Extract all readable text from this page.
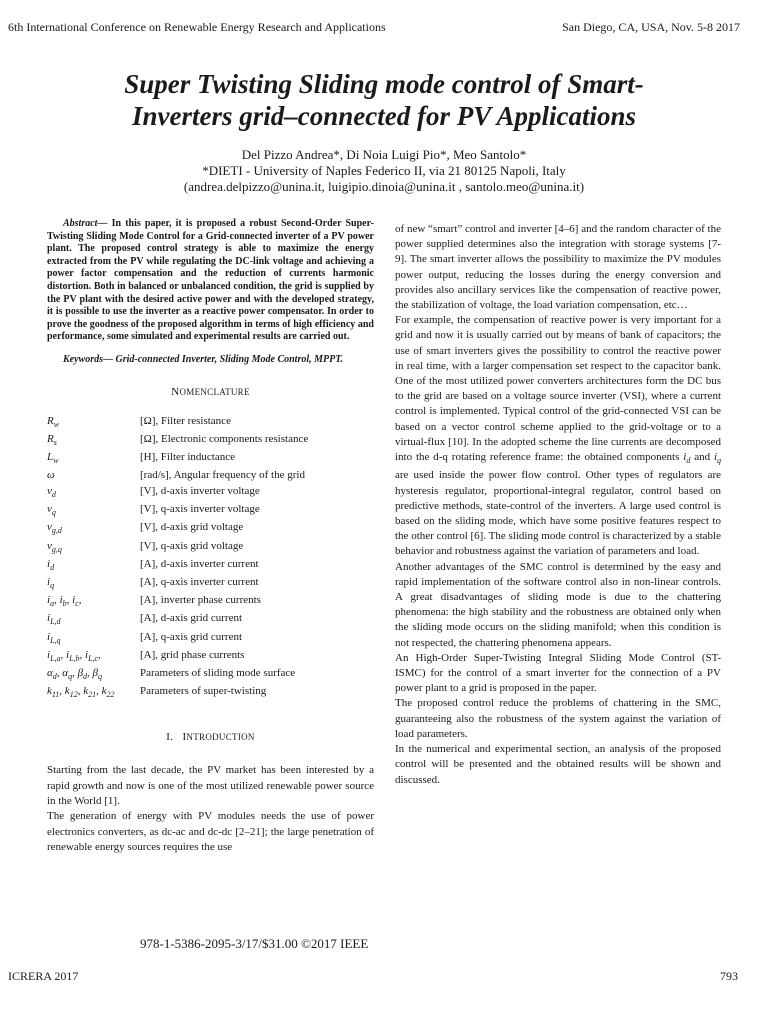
6th International Conference on Renewable Energy Research and Applications	San Diego, CA, USA, Nov. 5-8 2017
Super Twisting Sliding mode control of Smart-
Inverters grid–connected for PV Applications
Del Pizzo Andrea*, Di Noia Luigi Pio*, Meo Santolo*
*DIETI - University of Naples Federico II, via 21 80125 Napoli, Italy
(andrea.delpizzo@unina.it, luigipio.dinoia@unina.it , santolo.meo@unina.it)

Abstract— In this paper, it is proposed a robust Second-Order Super-Twisting Sliding Mode Control for a Grid-connected inverter of a PV power plant. The proposed control strategy is able to maximize the energy extracted from the PV while regulating the DC-link voltage and achieving a power factor compensation and the reduction of currents harmonic distortion. Both in balanced or unbalanced condition, the grid is supplied by the PV plant with the desired active power and with the developed strategy, it is possible to use the inverter as a reactive power compensator. In order to prove the goodness of the proposed algorithm in terms of high efficiency and performance, some simulated and experimental results are carried out.

Keywords— Grid-connected Inverter, Sliding Mode Control, MPPT.

NOMENCLATURE
$R_w$	[Ω], Filter resistance
$R_s$	[Ω], Electronic components resistance
$L_w$	[H], Filter inductance
ω	[rad/s], Angular frequency of the grid
$v_d$	[V], d-axis inverter voltage
$v_q$	[V], q-axis inverter voltage
$v_{g,d}$	[V], d-axis grid voltage
$v_{g,q}$	[V], q-axis grid voltage
$i_d$	[A], d-axis inverter current
$i_q$	[A], q-axis inverter current
$i_a$, $i_b$, $i_c$,	[A], inverter phase currents
$i_{L,d}$	[A], d-axis grid current
$i_{L,q}$	[A], q-axis grid current
$i_{L,a}$, $i_{L,b}$, $i_{L,c}$,	[A], grid phase currents
$\alpha_d$, $\alpha_q$, $\beta_d$, $\beta_q$	Parameters of sliding mode surface
$k_{11}$, $k_{12}$, $k_{21}$, $k_{22}$	Parameters of super-twisting
I. INTRODUCTION

Starting from the last decade, the PV market has been interested by a rapid growth and now is one of the most utilized renewable power source in the World [1].

The generation of energy with PV modules needs the use of power electronics converters, as dc-ac and dc-dc [2–21]; the large penetration of renewable energy sources requires the use

of new “smart” control and inverter [4–6] and the random character of the power supplied determines also the integration with storage systems [7-9]. The smart inverter allows the possibility to maximize the PV modules power output, reducing the losses during the energy conversion and provides also ancillary services like the compensation of reactive power, the stabilization of voltage, the load variation compensation, etc…

For example, the compensation of reactive power is very important for a grid and now it is usually carried out by means of bank of capacitors; the use of smart inverters gives the possibility to control the reactive power in real time, with a larger compensation set respect to the capacitor bank. One of the most utilized power converters architectures form the DC bus to the grid are based on a voltage source inverter (VSI), where a current control is implemented. Typical control of the grid-connected VSI can be based on a vector control scheme applied to the grid-voltage or to a virtual-flux [10]. In the adopted scheme the line currents are decomposed into the d-q rotating reference frame: the obtained components $i_d$ and $i_q$ are used inside the power flow control. Other types of regulators are hysteresis regulator, proportional-integral regulator, control based on predictive methods, state-control of the inverters. A large used control is based on the sliding mode, which have some positive features respect to the other control [6]. The sliding mode control is characterized by a stable behavior and robustness against the variation of parameters and load.

Another advantages of the SMC control is determined by the easy and rapid implementation of the software control also in non-linear controls. A great disadvantages of sliding mode is due to the chattering phenomena: the high stability and the robustness are obtained only when the sliding mode occurs on the sliding manifold; when this condition is not respected, the chattering phenomena appears.

An High-Order Super-Twisting Integral Sliding Mode Control (ST-ISMC) for the control of a smart inverter for the connection of a PV power plant to a grid is proposed in the paper.

The proposed control reduce the problems of chattering in the SMC, guaranteeing also the robustness of the system against the variation of load parameters.

In the numerical and experimental section, an analysis of the proposed control will be presented and the obtained results will be shown and discussed.

978-1-5386-2095-3/17/$31.00 ©2017 IEEE
ICRERA 2017	793
